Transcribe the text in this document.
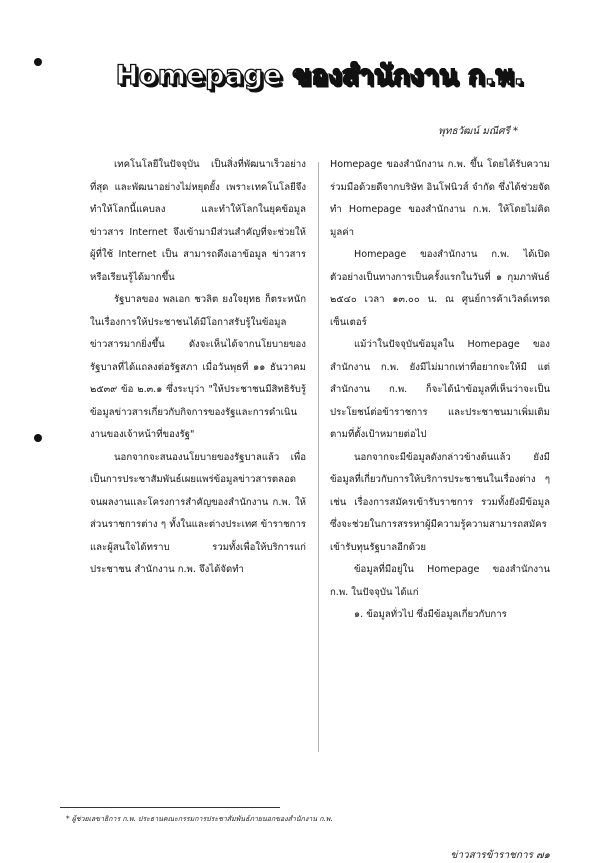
Homepage ของสำนักงาน ก.พ.
พุทธวัฒน์ มณีศรี *

เทคโนโลยีในปัจจุบัน เป็นสิ่งที่พัฒนาเร็วอย่างที่สุด และพัฒนาอย่างไม่หยุดยั้ง เพราะเทคโนโลยีจึงทำให้โลกนี้แคบลง และทำให้โลกในยุคข้อมูลข่าวสาร Internet จึงเข้ามามีส่วนสำคัญที่จะช่วยให้ผู้ที่ใช้ Internet เป็น สามารถดึงเอาข้อมูล ข่าวสาร หรือเรียนรู้ได้มากขึ้น

รัฐบาลของ พลเอก ชวลิต ยงใจยุทธ ก็ตระหนักในเรื่องการให้ประชาชนได้มีโอกาสรับรู้ในข้อมูลข่าวสารมากยิ่งขึ้น ดังจะเห็นได้จากนโยบายของรัฐบาลที่ได้แถลงต่อรัฐสภา เมื่อวันพุธที่ ๑๑ ธันวาคม ๒๕๓๙ ข้อ ๒.๓.๑ ซึ่งระบุว่า "ให้ประชาชนมีสิทธิรับรู้ข้อมูลข่าวสารเกี่ยวกับกิจการของรัฐและการดำเนินงานของเจ้าหน้าที่ของรัฐ"

นอกจากจะสนองนโยบายของรัฐบาลแล้ว เพื่อเป็นการประชาสัมพันธ์เผยแพร่ข้อมูลข่าวสารตลอดจนผลงานและโครงการสำคัญของสำนักงาน ก.พ. ให้ส่วนราชการต่าง ๆ ทั้งในและต่างประเทศ ข้าราชการ และผู้สนใจได้ทราบ รวมทั้งเพื่อให้บริการแก่ประชาชน สำนักงาน ก.พ. จึงได้จัดทำ

Homepage ของสำนักงาน ก.พ. ขึ้น โดยได้รับความร่วมมือด้วยดีจากบริษัท อินโฟนิวส์ จำกัด ซึ่งได้ช่วยจัดทำ Homepage ของสำนักงาน ก.พ. ให้โดยไม่คิดมูลค่า

Homepage ของสำนักงาน ก.พ. ได้เปิดตัวอย่างเป็นทางการเป็นครั้งแรกในวันที่ ๑ กุมภาพันธ์ ๒๕๔๐ เวลา ๑๓.๐๐ น. ณ ศูนย์การค้าเวิลด์เทรด เซ็นเตอร์

แม้ว่าในปัจจุบันข้อมูลใน Homepage ของสำนักงาน ก.พ. ยังมีไม่มากเท่าที่อยากจะให้มี แต่สำนักงาน ก.พ. ก็จะได้นำข้อมูลที่เห็นว่าจะเป็นประโยชน์ต่อข้าราชการ และประชาชนมาเพิ่มเติมตามที่ตั้งเป้าหมายต่อไป

นอกจากจะมีข้อมูลดังกล่าวข้างต้นแล้ว ยังมีข้อมูลที่เกี่ยวกับการให้บริการประชาชนในเรื่องต่าง ๆ เช่น เรื่องการสมัครเข้ารับราชการ รวมทั้งยังมีข้อมูลซึ่งจะช่วยในการสรรหาผู้มีความรู้ความสามารถสมัครเข้ารับทุนรัฐบาลอีกด้วย

ข้อมูลที่มีอยู่ใน Homepage ของสำนักงาน ก.พ. ในปัจจุบัน ได้แก่

๑. ข้อมูลทั่วไป ซึ่งมีข้อมูลเกี่ยวกับการ

* ผู้ช่วยเลขาธิการ ก.พ. ประธานคณะกรรมการประชาสัมพันธ์ภายนอกของสำนักงาน ก.พ.
ข่าวสารข้าราชการ ๗๑
